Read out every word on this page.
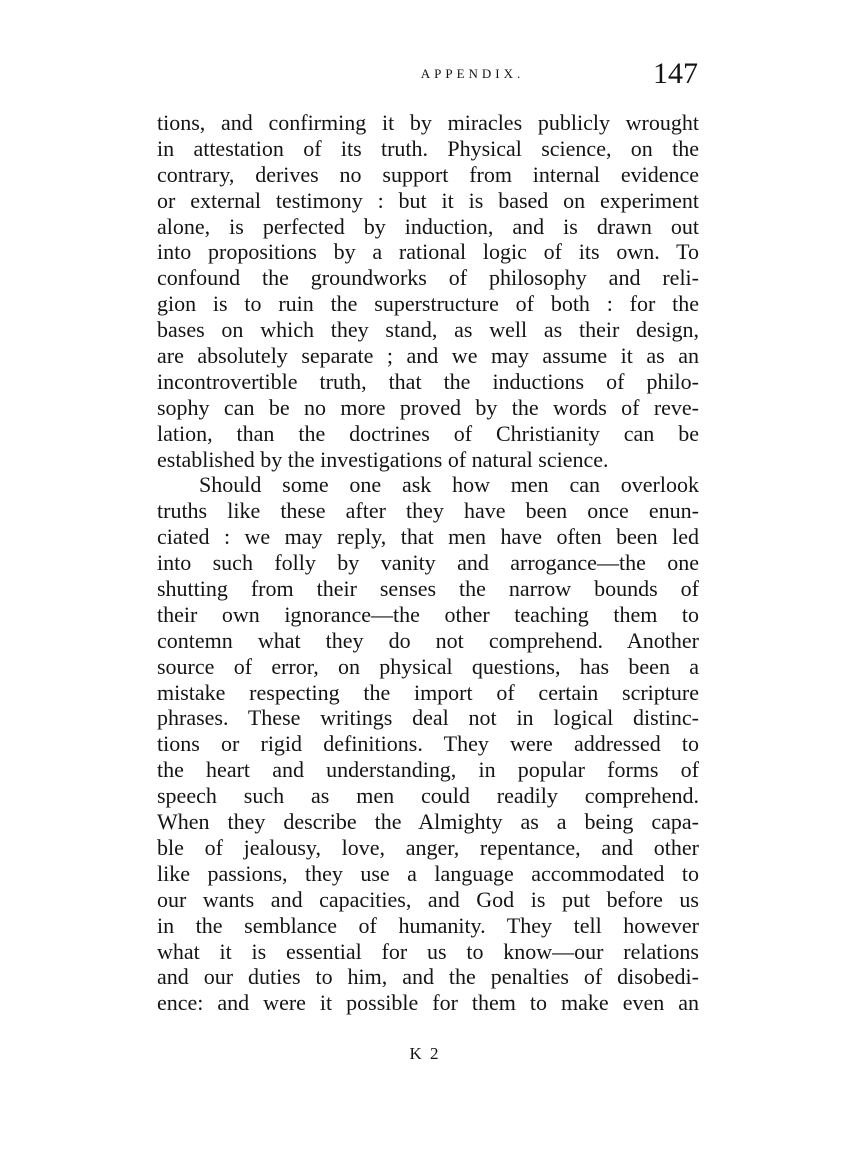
APPENDIX.	147
tions, and confirming it by miracles publicly wrought
in attestation of its truth. Physical science, on the
contrary, derives no support from internal evidence
or external testimony : but it is based on experiment
alone, is perfected by induction, and is drawn out
into propositions by a rational logic of its own. To
confound the groundworks of philosophy and reli-
gion is to ruin the superstructure of both : for the
bases on which they stand, as well as their design,
are absolutely separate ; and we may assume it as an
incontrovertible truth, that the inductions of philo-
sophy can be no more proved by the words of reve-
lation, than the doctrines of Christianity can be
established by the investigations of natural science.
Should some one ask how men can overlook
truths like these after they have been once enun-
ciated : we may reply, that men have often been led
into such folly by vanity and arrogance—the one
shutting from their senses the narrow bounds of
their own ignorance—the other teaching them to
contemn what they do not comprehend. Another
source of error, on physical questions, has been a
mistake respecting the import of certain scripture
phrases. These writings deal not in logical distinc-
tions or rigid definitions. They were addressed to
the heart and understanding, in popular forms of
speech such as men could readily comprehend.
When they describe the Almighty as a being capa-
ble of jealousy, love, anger, repentance, and other
like passions, they use a language accommodated to
our wants and capacities, and God is put before us
in the semblance of humanity. They tell however
what it is essential for us to know—our relations
and our duties to him, and the penalties of disobedi-
ence: and were it possible for them to make even an
K 2
